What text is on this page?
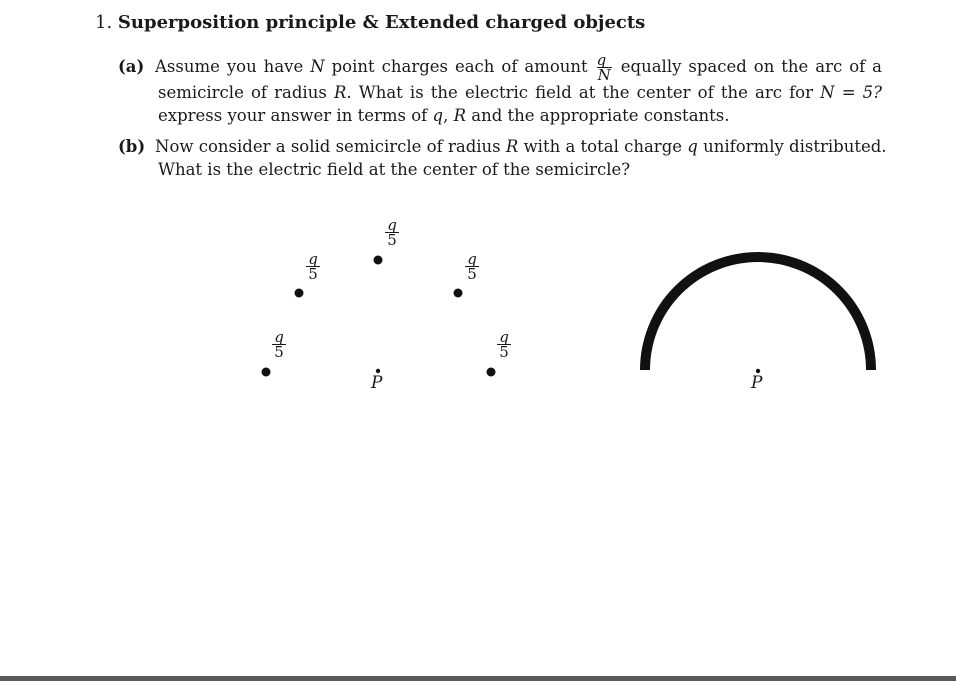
1. Superposition principle & Extended charged objects
(a) Assume you have N point charges each of amount $\frac{q}{N}$ equally spaced on the arc of a
semicircle of radius R. What is the electric field at the center of the arc for N = 5?
express your answer in terms of q, R and the appropriate constants.
(b) Now consider a solid semicircle of radius R with a total charge q uniformly distributed.
What is the electric field at the center of the semicircle?
$\frac{q}{5}$
$\frac{q}{5}$
$\frac{q}{5}$
$\frac{q}{5}$
$\frac{q}{5}$
P	P
